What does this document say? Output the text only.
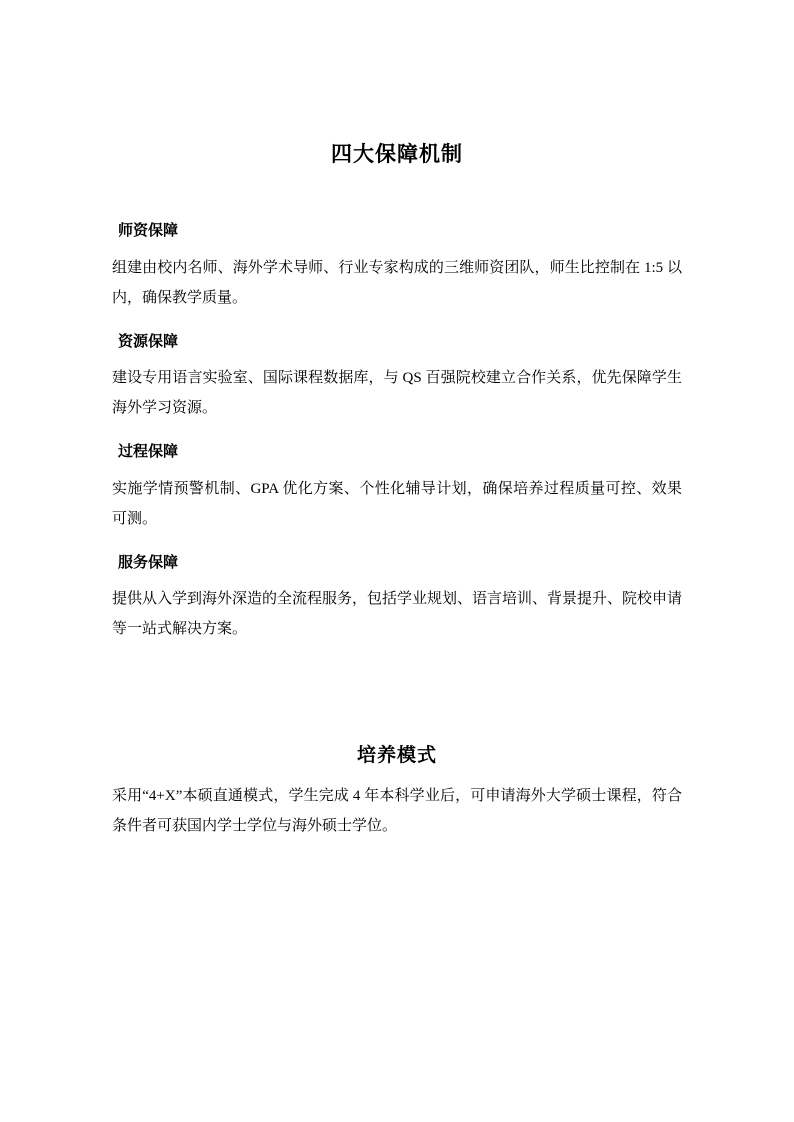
四大保障机制

师资保障

组建由校内名师、海外学术导师、行业专家构成的三维师资团队，师生比控制在 1:5 以内，确保教学质量。

资源保障

建设专用语言实验室、国际课程数据库，与 QS 百强院校建立合作关系，优先保障学生海外学习资源。

过程保障

实施学情预警机制、GPA 优化方案、个性化辅导计划，确保培养过程质量可控、效果可测。

服务保障

提供从入学到海外深造的全流程服务，包括学业规划、语言培训、背景提升、院校申请等一站式解决方案。

培养模式

采用“4+X”本硕直通模式，学生完成 4 年本科学业后，可申请海外大学硕士课程，符合条件者可获国内学士学位与海外硕士学位。
